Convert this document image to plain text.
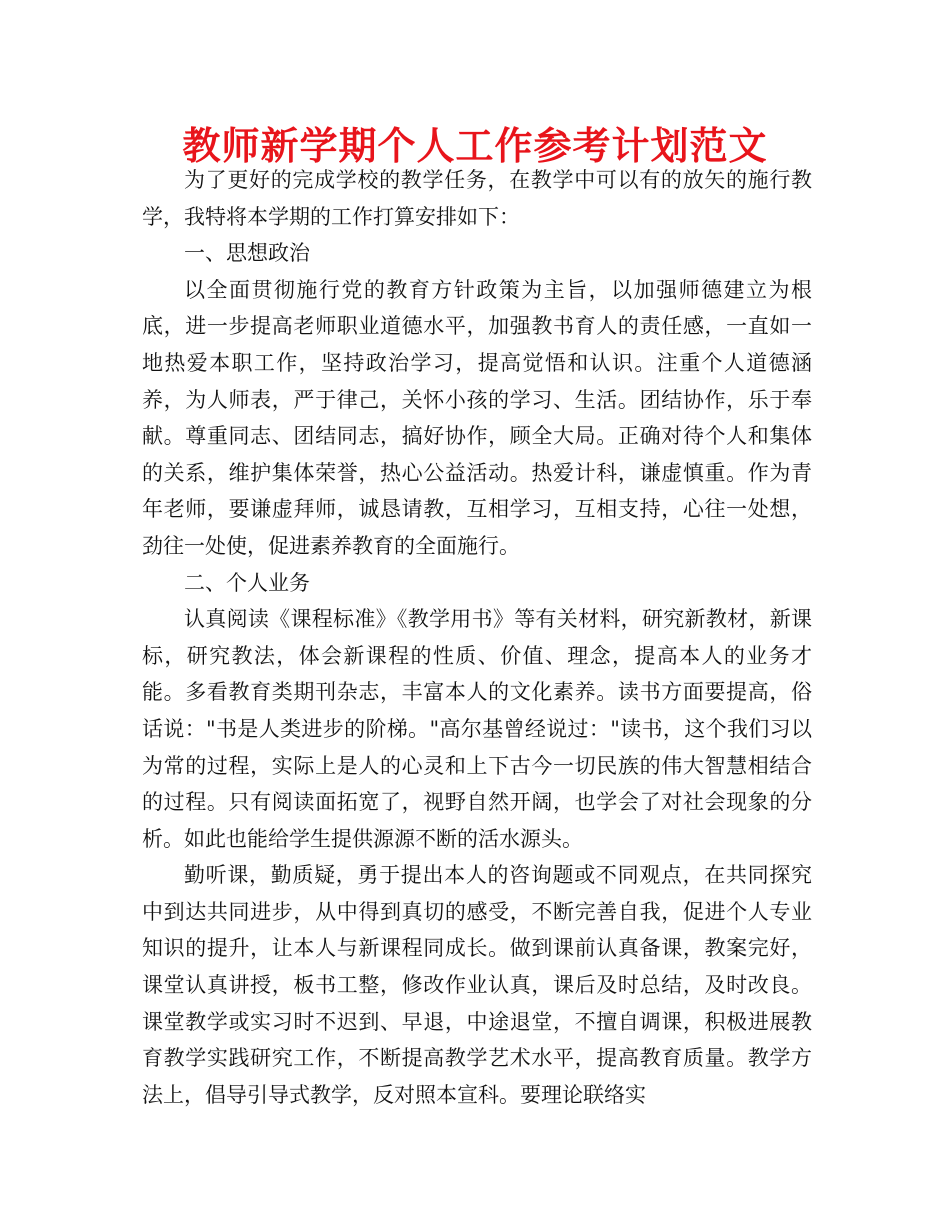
教师新学期个人工作参考计划范文

为了更好的完成学校的教学任务，在教学中可以有的放矢的施行教学，我特将本学期的工作打算安排如下：

一、思想政治

以全面贯彻施行党的教育方针政策为主旨，以加强师德建立为根底，进一步提高老师职业道德水平，加强教书育人的责任感，一直如一地热爱本职工作，坚持政治学习，提高觉悟和认识。注重个人道德涵养，为人师表，严于律己，关怀小孩的学习、生活。团结协作，乐于奉献。尊重同志、团结同志，搞好协作，顾全大局。正确对待个人和集体的关系，维护集体荣誉，热心公益活动。热爱计科，谦虚慎重。作为青年老师，要谦虚拜师，诚恳请教，互相学习，互相支持，心往一处想，劲往一处使，促进素养教育的全面施行。

二、个人业务

认真阅读《课程标准》《教学用书》等有关材料，研究新教材，新课标，研究教法，体会新课程的性质、价值、理念，提高本人的业务才能。多看教育类期刊杂志，丰富本人的文化素养。读书方面要提高，俗话说："书是人类进步的阶梯。"高尔基曾经说过："读书，这个我们习以为常的过程，实际上是人的心灵和上下古今一切民族的伟大智慧相结合的过程。只有阅读面拓宽了，视野自然开阔，也学会了对社会现象的分析。如此也能给学生提供源源不断的活水源头。

勤听课，勤质疑，勇于提出本人的咨询题或不同观点，在共同探究中到达共同进步，从中得到真切的感受，不断完善自我，促进个人专业知识的提升，让本人与新课程同成长。做到课前认真备课，教案完好，课堂认真讲授，板书工整，修改作业认真，课后及时总结，及时改良。课堂教学或实习时不迟到、早退，中途退堂，不擅自调课，积极进展教育教学实践研究工作，不断提高教学艺术水平，提高教育质量。教学方法上，倡导引导式教学，反对照本宣科。要理论联络实
